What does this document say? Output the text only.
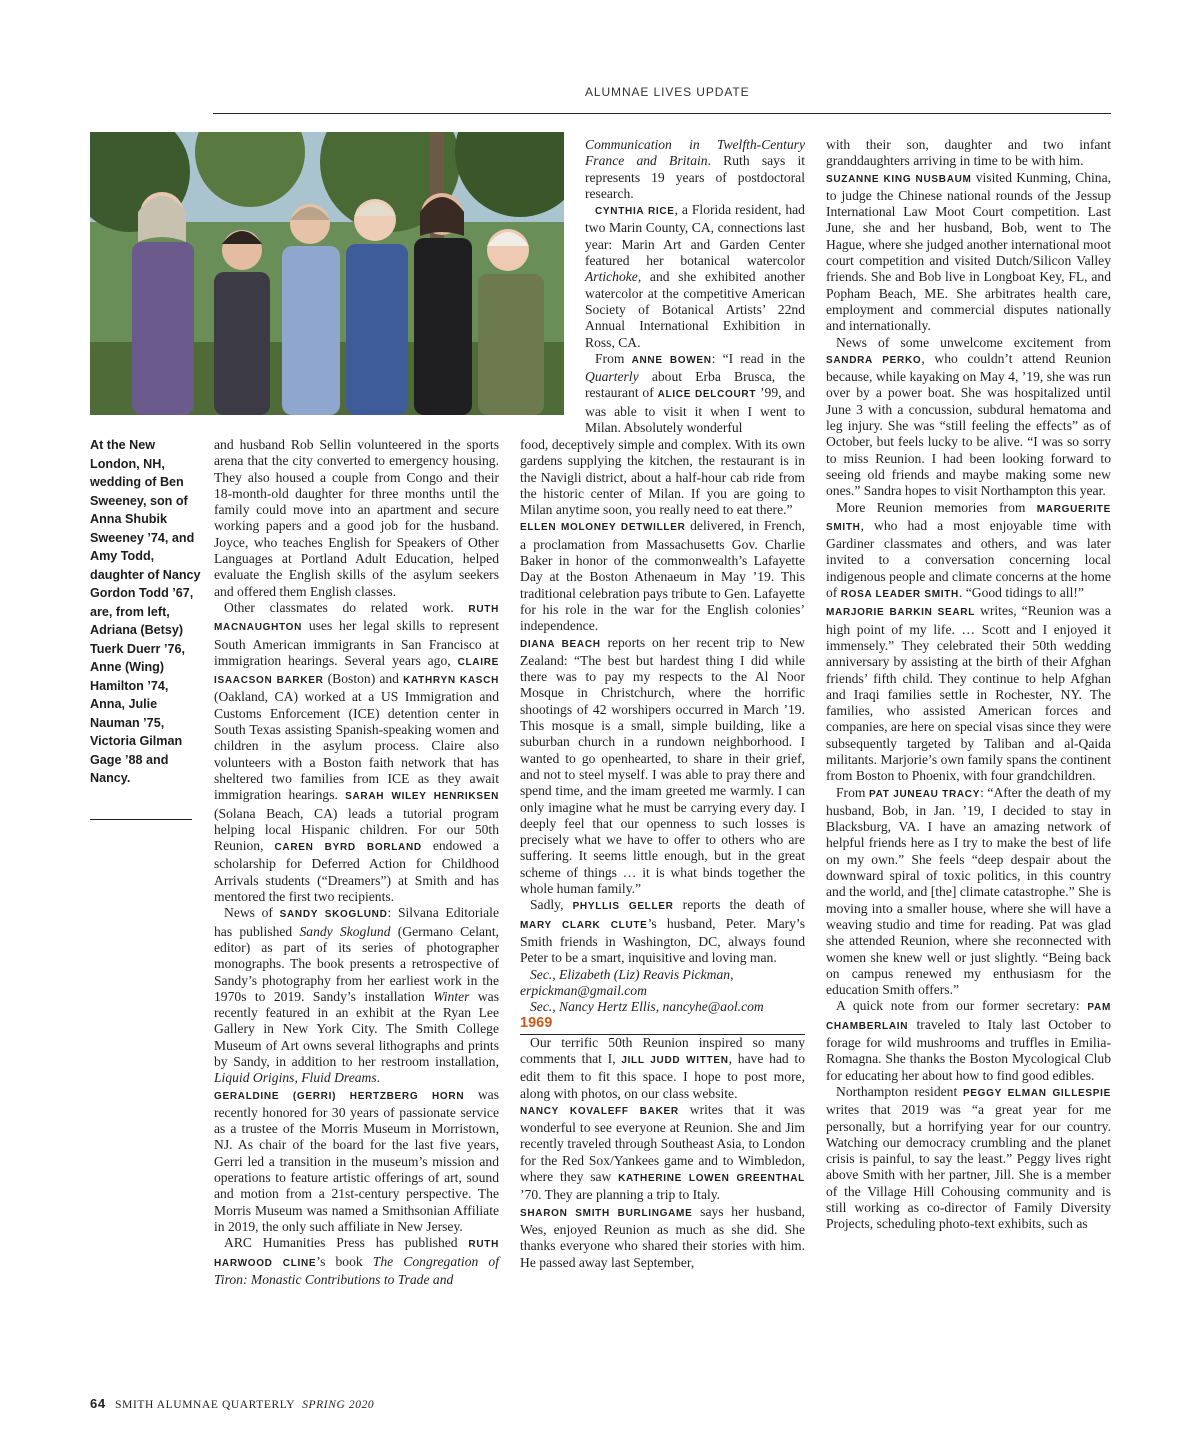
ALUMNAE LIVES UPDATE
At the New London, NH, wedding of Ben Sweeney, son of Anna Shubik Sweeney ’74, and Amy Todd, daughter of Nancy Gordon Todd ’67, are, from left, Adriana (Betsy) Tuerk Duerr ’76, Anne (Wing) Hamilton ’74, Anna, Julie Nauman ’75, Victoria Gilman Gage ’88 and Nancy.

and husband Rob Sellin volunteered in the sports arena that the city converted to emergency housing. They also housed a couple from Congo and their 18-month-old daughter for three months until the family could move into an apartment and secure working papers and a good job for the husband. Joyce, who teaches English for Speakers of Other Languages at Portland Adult Education, helped evaluate the English skills of the asylum seekers and offered them English classes.

Other classmates do related work. RUTH MACNAUGHTON uses her legal skills to represent South American immigrants in San Francisco at immigration hearings. Several years ago, CLAIRE ISAACSON BARKER (Boston) and KATHRYN KASCH (Oakland, CA) worked at a US Immigration and Customs Enforcement (ICE) detention center in South Texas assisting Spanish-speaking women and children in the asylum process. Claire also volunteers with a Boston faith network that has sheltered two families from ICE as they await immigration hearings. SARAH WILEY HENRIKSEN (Solana Beach, CA) leads a tutorial program helping local Hispanic children. For our 50th Reunion, CAREN BYRD BORLAND endowed a scholarship for Deferred Action for Childhood Arrivals students (“Dreamers”) at Smith and has mentored the first two recipients.

News of SANDY SKOGLUND: Silvana Editoriale has published Sandy Skoglund (Germano Celant, editor) as part of its series of photographer monographs. The book presents a retrospective of Sandy’s photography from her earliest work in the 1970s to 2019. Sandy’s installation Winter was recently featured in an exhibit at the Ryan Lee Gallery in New York City. The Smith College Museum of Art owns several lithographs and prints by Sandy, in addition to her restroom installation, Liquid Origins, Fluid Dreams.

GERALDINE (GERRI) HERTZBERG HORN was recently honored for 30 years of passionate service as a trustee of the Morris Museum in Morristown, NJ. As chair of the board for the last five years, Gerri led a transition in the museum’s mission and operations to feature artistic offerings of art, sound and motion from a 21st-century perspective. The Morris Museum was named a Smithsonian Affiliate in 2019, the only such affiliate in New Jersey.

ARC Humanities Press has published RUTH HARWOOD CLINE’s book The Congregation of Tiron: Monastic Contributions to Trade and

Communication in Twelfth-Century France and Britain. Ruth says it represents 19 years of postdoctoral research.

CYNTHIA RICE, a Florida resident, had two Marin County, CA, connections last year: Marin Art and Garden Center featured her botanical watercolor Artichoke, and she exhibited another watercolor at the competitive American Society of Botanical Artists’ 22nd Annual International Exhibition in Ross, CA.

From ANNE BOWEN: “I read in the Quarterly about Erba Brusca, the restaurant of ALICE DELCOURT ’99, and was able to visit it when I went to Milan. Absolutely wonderful

food, deceptively simple and complex. With its own gardens supplying the kitchen, the restaurant is in the Navigli district, about a half-hour cab ride from the historic center of Milan. If you are going to Milan anytime soon, you really need to eat there.”

ELLEN MOLONEY DETWILLER delivered, in French, a proclamation from Massachusetts Gov. Charlie Baker in honor of the commonwealth’s Lafayette Day at the Boston Athenaeum in May ’19. This traditional celebration pays tribute to Gen. Lafayette for his role in the war for the English colonies’ independence.

DIANA BEACH reports on her recent trip to New Zealand: “The best but hardest thing I did while there was to pay my respects to the Al Noor Mosque in Christchurch, where the horrific shootings of 42 worshipers occurred in March ’19. This mosque is a small, simple building, like a suburban church in a rundown neighborhood. I wanted to go openhearted, to share in their grief, and not to steel myself. I was able to pray there and spend time, and the imam greeted me warmly. I can only imagine what he must be carrying every day. I deeply feel that our openness to such losses is precisely what we have to offer to others who are suffering. It seems little enough, but in the great scheme of things … it is what binds together the whole human family.”

Sadly, PHYLLIS GELLER reports the death of MARY CLARK CLUTE’s husband, Peter. Mary’s Smith friends in Washington, DC, always found Peter to be a smart, inquisitive and loving man.

Sec., Elizabeth (Liz) Reavis Pickman, erpickman@gmail.com

Sec., Nancy Hertz Ellis, nancyhe@aol.com

1969

Our terrific 50th Reunion inspired so many comments that I, JILL JUDD WITTEN, have had to edit them to fit this space. I hope to post more, along with photos, on our class website.

NANCY KOVALEFF BAKER writes that it was wonderful to see everyone at Reunion. She and Jim recently traveled through Southeast Asia, to London for the Red Sox/Yankees game and to Wimbledon, where they saw KATHERINE LOWEN GREENTHAL ’70. They are planning a trip to Italy.

SHARON SMITH BURLINGAME says her husband, Wes, enjoyed Reunion as much as she did. She thanks everyone who shared their stories with him. He passed away last September,

with their son, daughter and two infant granddaughters arriving in time to be with him.

SUZANNE KING NUSBAUM visited Kunming, China, to judge the Chinese national rounds of the Jessup International Law Moot Court competition. Last June, she and her husband, Bob, went to The Hague, where she judged another international moot court competition and visited Dutch/Silicon Valley friends. She and Bob live in Longboat Key, FL, and Popham Beach, ME. She arbitrates health care, employment and commercial disputes nationally and internationally.

News of some unwelcome excitement from SANDRA PERKO, who couldn’t attend Reunion because, while kayaking on May 4, ’19, she was run over by a power boat. She was hospitalized until June 3 with a concussion, subdural hematoma and leg injury. She was “still feeling the effects” as of October, but feels lucky to be alive. “I was so sorry to miss Reunion. I had been looking forward to seeing old friends and maybe making some new ones.” Sandra hopes to visit Northampton this year.

More Reunion memories from MARGUERITE SMITH, who had a most enjoyable time with Gardiner classmates and others, and was later invited to a conversation concerning local indigenous people and climate concerns at the home of ROSA LEADER SMITH. “Good tidings to all!”

MARJORIE BARKIN SEARL writes, “Reunion was a high point of my life. … Scott and I enjoyed it immensely.” They celebrated their 50th wedding anniversary by assisting at the birth of their Afghan friends’ fifth child. They continue to help Afghan and Iraqi families settle in Rochester, NY. The families, who assisted American forces and companies, are here on special visas since they were subsequently targeted by Taliban and al-Qaida militants. Marjorie’s own family spans the continent from Boston to Phoenix, with four grandchildren.

From PAT JUNEAU TRACY: “After the death of my husband, Bob, in Jan. ’19, I decided to stay in Blacksburg, VA. I have an amazing network of helpful friends here as I try to make the best of life on my own.” She feels “deep despair about the downward spiral of toxic politics, in this country and the world, and [the] climate catastrophe.” She is moving into a smaller house, where she will have a weaving studio and time for reading. Pat was glad she attended Reunion, where she reconnected with women she knew well or just slightly. “Being back on campus renewed my enthusiasm for the education Smith offers.”

A quick note from our former secretary: PAM CHAMBERLAIN traveled to Italy last October to forage for wild mushrooms and truffles in Emilia-Romagna. She thanks the Boston Mycological Club for educating her about how to find good edibles.

Northampton resident PEGGY ELMAN GILLESPIE writes that 2019 was “a great year for me personally, but a horrifying year for our country. Watching our democracy crumbling and the planet crisis is painful, to say the least.” Peggy lives right above Smith with her partner, Jill. She is a member of the Village Hill Cohousing community and is still working as co-director of Family Diversity Projects, scheduling photo-text exhibits, such as

64 SMITH ALUMNAE QUARTERLY SPRING 2020
